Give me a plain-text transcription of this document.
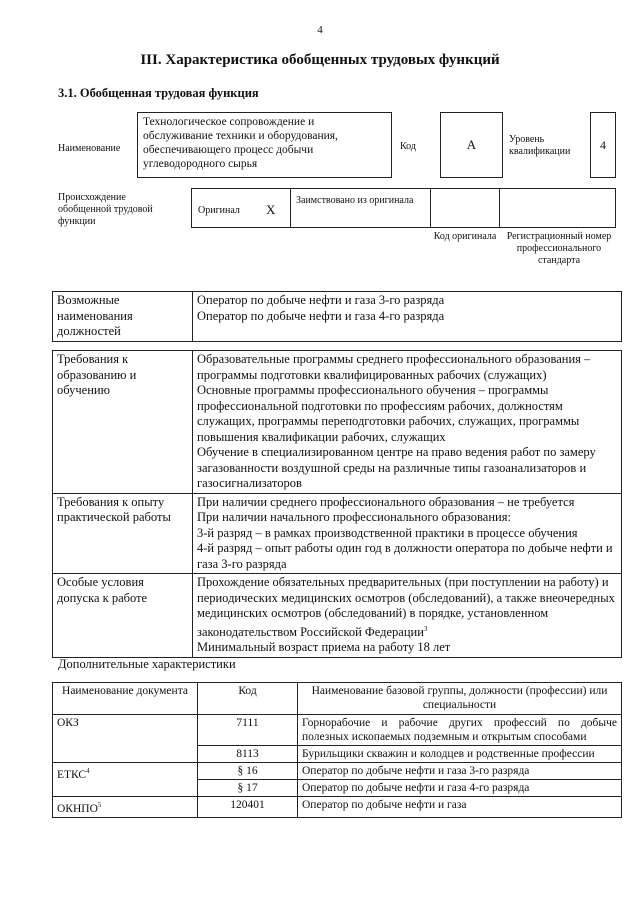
4
III. Характеристика обобщенных трудовых функций
3.1. Обобщенная трудовая функция
Наименование
Технологическое сопровождение и обслуживание техники и оборудования, обеспечивающего процесс добычи углеводородного сырья
Код	А	Уровень квалификации	4
Происхождение обобщенной трудовой функции
Оригинал Х
Заимствовано из оригинала
Код оригинала	Регистрационный номер профессионального стандарта
Возможные наименования должностей	
Оператор по добыче нефти и газа 3-го разряда
Оператор по добыче нефти и газа 4-го разряда
Требования к образованию и обучению	Образовательные программы среднего профессионального образования – программы подготовки квалифицированных рабочих (служащих)
Основные программы профессионального обучения – программы профессиональной подготовки по профессиям рабочих, должностям служащих, программы переподготовки рабочих, служащих, программы повышения квалификации рабочих, служащих
Обучение в специализированном центре на право ведения работ по замеру загазованности воздушной среды на различные типы газоанализаторов и газосигнализаторов
Требования к опыту практической работы	При наличии среднего профессионального образования – не требуется
При наличии начального профессионального образования:
3-й разряд – в рамках производственной практики в процессе обучения
4-й разряд – опыт работы один год в должности оператора по добыче нефти и газа 3-го разряда
Особые условия допуска к работе	Прохождение обязательных предварительных (при поступлении на работу) и периодических медицинских осмотров (обследований), а также внеочередных медицинских осмотров (обследований) в порядке, установленном законодательством Российской Федерации$^3$
Минимальный возраст приема на работу 18 лет
Дополнительные характеристики
Наименование документа	Код	Наименование базовой группы, должности (профессии) или специальности
ОКЗ	7111	Горнорабочие и рабочие других профессий по добыче полезных ископаемых подземным и открытым способами
	8113	Бурильщики скважин и колодцев и родственные профессии
ЕТКС$^4$	§ 16	Оператор по добыче нефти и газа 3-го разряда
	§ 17	Оператор по добыче нефти и газа 4-го разряда
ОКНПО$^5$	120401	Оператор по добыче нефти и газа
